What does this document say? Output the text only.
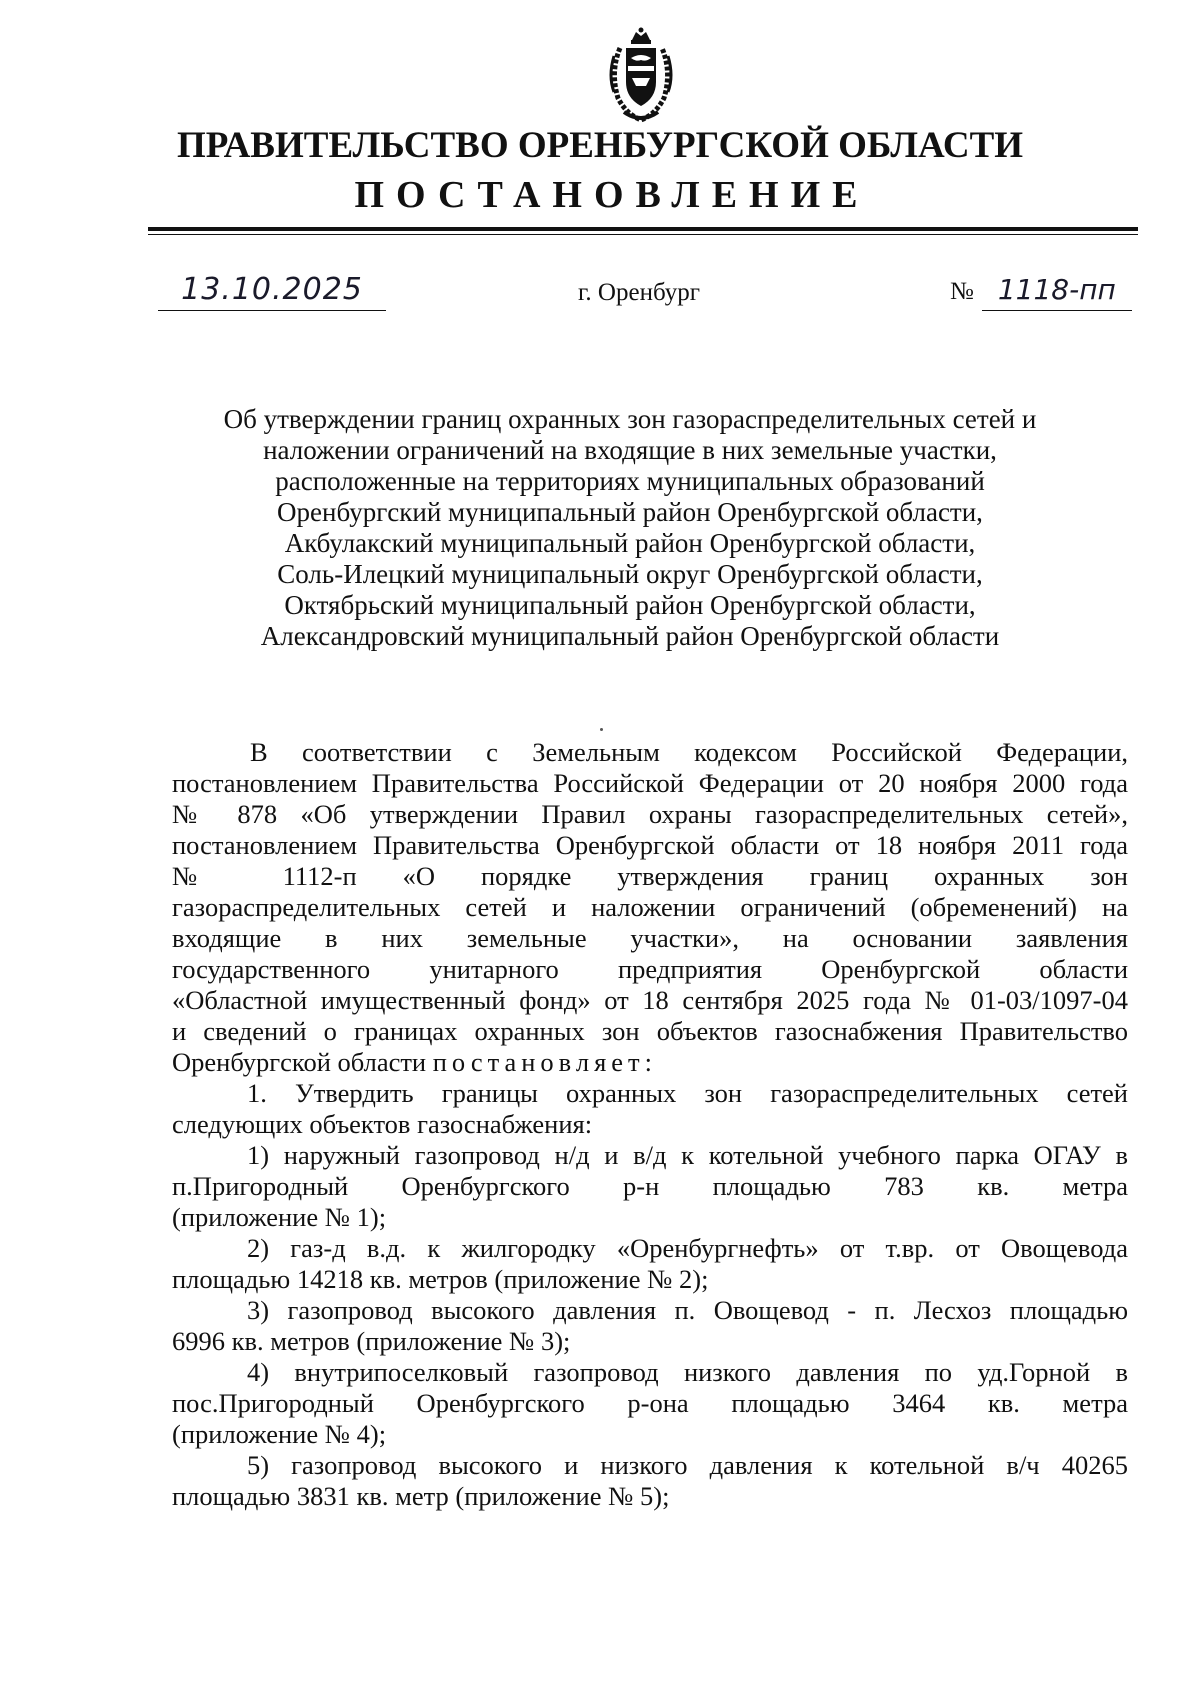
ПРАВИТЕЛЬСТВО ОРЕНБУРГСКОЙ ОБЛАСТИ
ПОСТАНОВЛЕНИЕ
13.10.2025	г. Оренбург	№ 1118-пп
Об утверждении границ охранных зон газораспределительных сетей и
наложении ограничений на входящие в них земельные участки,
расположенные на территориях муниципальных образований
Оренбургский муниципальный район Оренбургской области,
Акбулакский муниципальный район Оренбургской области,
Соль-Илецкий муниципальный округ Оренбургской области,
Октябрьский муниципальный район Оренбургской области,
Александровский муниципальный район Оренбургской области
В соответствии с Земельным кодексом Российской Федерации,
постановлением Правительства Российской Федерации от 20 ноября 2000 года
№ 878 «Об утверждении Правил охраны газораспределительных сетей»,
постановлением Правительства Оренбургской области от 18 ноября 2011 года
№ 1112-п «О порядке утверждения границ охранных зон
газораспределительных сетей и наложении ограничений (обременений) на
входящие в них земельные участки», на основании заявления
государственного унитарного предприятия Оренбургской области
«Областной имущественный фонд» от 18 сентября 2025 года № 01-03/1097-04
и сведений о границах охранных зон объектов газоснабжения Правительство
Оренбургской области постановляет:
1. Утвердить границы охранных зон газораспределительных сетей
следующих объектов газоснабжения:
1) наружный газопровод н/д и в/д к котельной учебного парка ОГАУ в
п.Пригородный Оренбургского р-н площадью 783 кв. метра
(приложение № 1);
2) газ-д в.д. к жилгородку «Оренбургнефть» от т.вр. от Овощевода
площадью 14218 кв. метров (приложение № 2);
3) газопровод высокого давления п. Овощевод - п. Лесхоз площадью
6996 кв. метров (приложение № 3);
4) внутрипоселковый газопровод низкого давления по уд.Горной в
пос.Пригородный Оренбургского р-она площадью 3464 кв. метра
(приложение № 4);
5) газопровод высокого и низкого давления к котельной в/ч 40265
площадью 3831 кв. метр (приложение № 5);
